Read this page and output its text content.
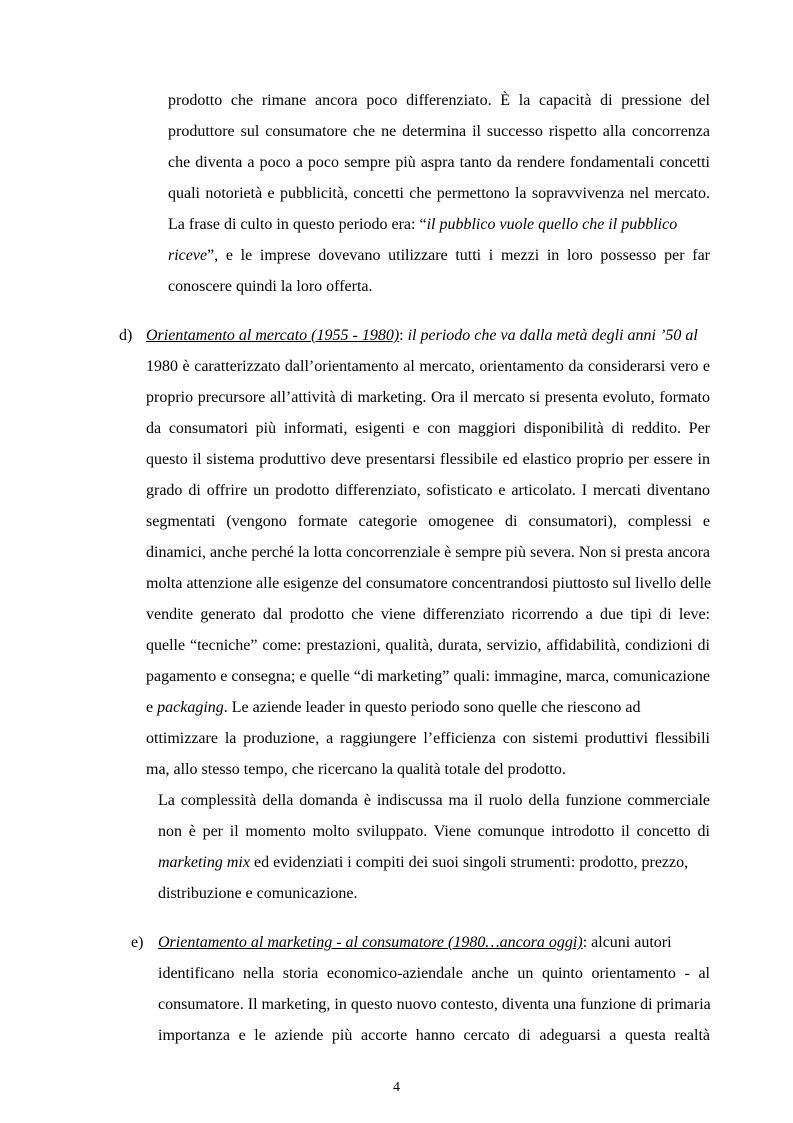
prodotto che rimane ancora poco differenziato. È la capacità di pressione del
produttore sul consumatore che ne determina il successo rispetto alla concorrenza
che diventa a poco a poco sempre più aspra tanto da rendere fondamentali concetti
quali notorietà e pubblicità, concetti che permettono la sopravvivenza nel mercato.
La frase di culto in questo periodo era: “il pubblico vuole quello che il pubblico
riceve”, e le imprese dovevano utilizzare tutti i mezzi in loro possesso per far
conoscere quindi la loro offerta.
d) Orientamento al mercato (1955 - 1980): il periodo che va dalla metà degli anni ’50 al
1980 è caratterizzato dall’orientamento al mercato, orientamento da considerarsi vero e
proprio precursore all’attività di marketing. Ora il mercato si presenta evoluto, formato
da consumatori più informati, esigenti e con maggiori disponibilità di reddito. Per
questo il sistema produttivo deve presentarsi flessibile ed elastico proprio per essere in
grado di offrire un prodotto differenziato, sofisticato e articolato. I mercati diventano
segmentati (vengono formate categorie omogenee di consumatori), complessi e
dinamici, anche perché la lotta concorrenziale è sempre più severa. Non si presta ancora
molta attenzione alle esigenze del consumatore concentrandosi piuttosto sul livello delle
vendite generato dal prodotto che viene differenziato ricorrendo a due tipi di leve:
quelle “tecniche” come: prestazioni, qualità, durata, servizio, affidabilità, condizioni di
pagamento e consegna; e quelle “di marketing” quali: immagine, marca, comunicazione
e packaging. Le aziende leader in questo periodo sono quelle che riescono ad
ottimizzare la produzione, a raggiungere l’efficienza con sistemi produttivi flessibili
ma, allo stesso tempo, che ricercano la qualità totale del prodotto.
La complessità della domanda è indiscussa ma il ruolo della funzione commerciale
non è per il momento molto sviluppato. Viene comunque introdotto il concetto di
marketing mix ed evidenziati i compiti dei suoi singoli strumenti: prodotto, prezzo,
distribuzione e comunicazione.
e) Orientamento al marketing - al consumatore (1980…ancora oggi): alcuni autori
identificano nella storia economico-aziendale anche un quinto orientamento - al
consumatore. Il marketing, in questo nuovo contesto, diventa una funzione di primaria
importanza e le aziende più accorte hanno cercato di adeguarsi a questa realtà
4
